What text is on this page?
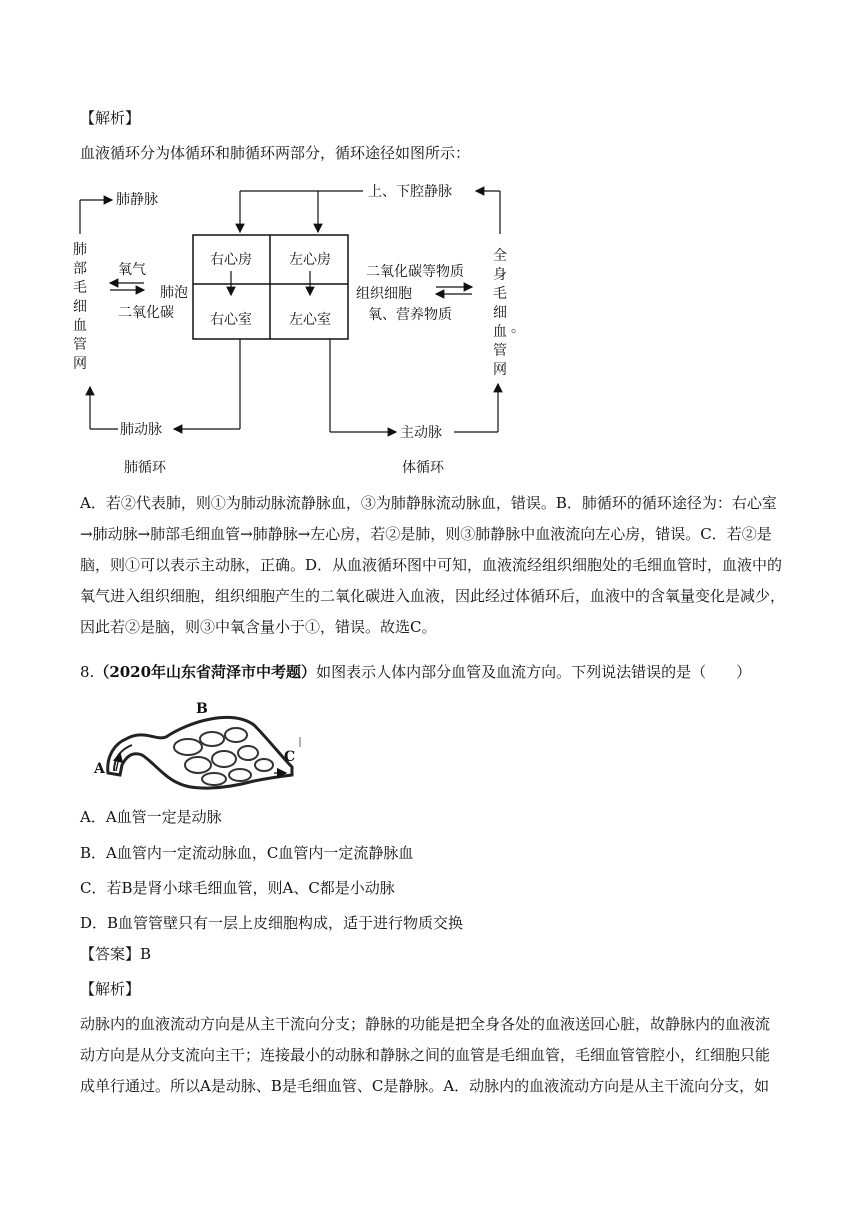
【解析】
血液循环分为体循环和肺循环两部分，循环途径如图所示：
右心房	左心房
右心室	左心室
肺静脉	上、下腔静脉
肺
部
毛
细
血
管
网
全
身
毛
细
血
管
网
。
氧气
肺泡
二氧化碳
二氧化碳等物质
组织细胞
氧、营养物质
肺动脉	主动脉
肺循环	体循环
A．若②代表肺，则①为肺动脉流静脉血，③为肺静脉流动脉血，错误。B．肺循环的循环途径为：右心室
→肺动脉→肺部毛细血管→肺静脉→左心房，若②是肺，则③肺静脉中血液流向左心房，错误。C．若②是
脑，则①可以表示主动脉，正确。D．从血液循环图中可知，血液流经组织细胞处的毛细血管时，血液中的
氧气进入组织细胞，组织细胞产生的二氧化碳进入血液，因此经过体循环后，血液中的含氧量变化是减少，
因此若②是脑，则③中氧含量小于①，错误。故选C。
8.（2020年山东省菏泽市中考题）如图表示人体内部分血管及血流方向。下列说法错误的是（　　）
A
B
C
A．A血管一定是动脉
B．A血管内一定流动脉血，C血管内一定流静脉血
C．若B是肾小球毛细血管，则A、C都是小动脉
D．B血管管壁只有一层上皮细胞构成，适于进行物质交换
【答案】B
【解析】
动脉内的血液流动方向是从主干流向分支；静脉的功能是把全身各处的血液送回心脏，故静脉内的血液流
动方向是从分支流向主干；连接最小的动脉和静脉之间的血管是毛细血管，毛细血管管腔小，红细胞只能
成单行通过。所以A是动脉、B是毛细血管、C是静脉。A．动脉内的血液流动方向是从主干流向分支，如
